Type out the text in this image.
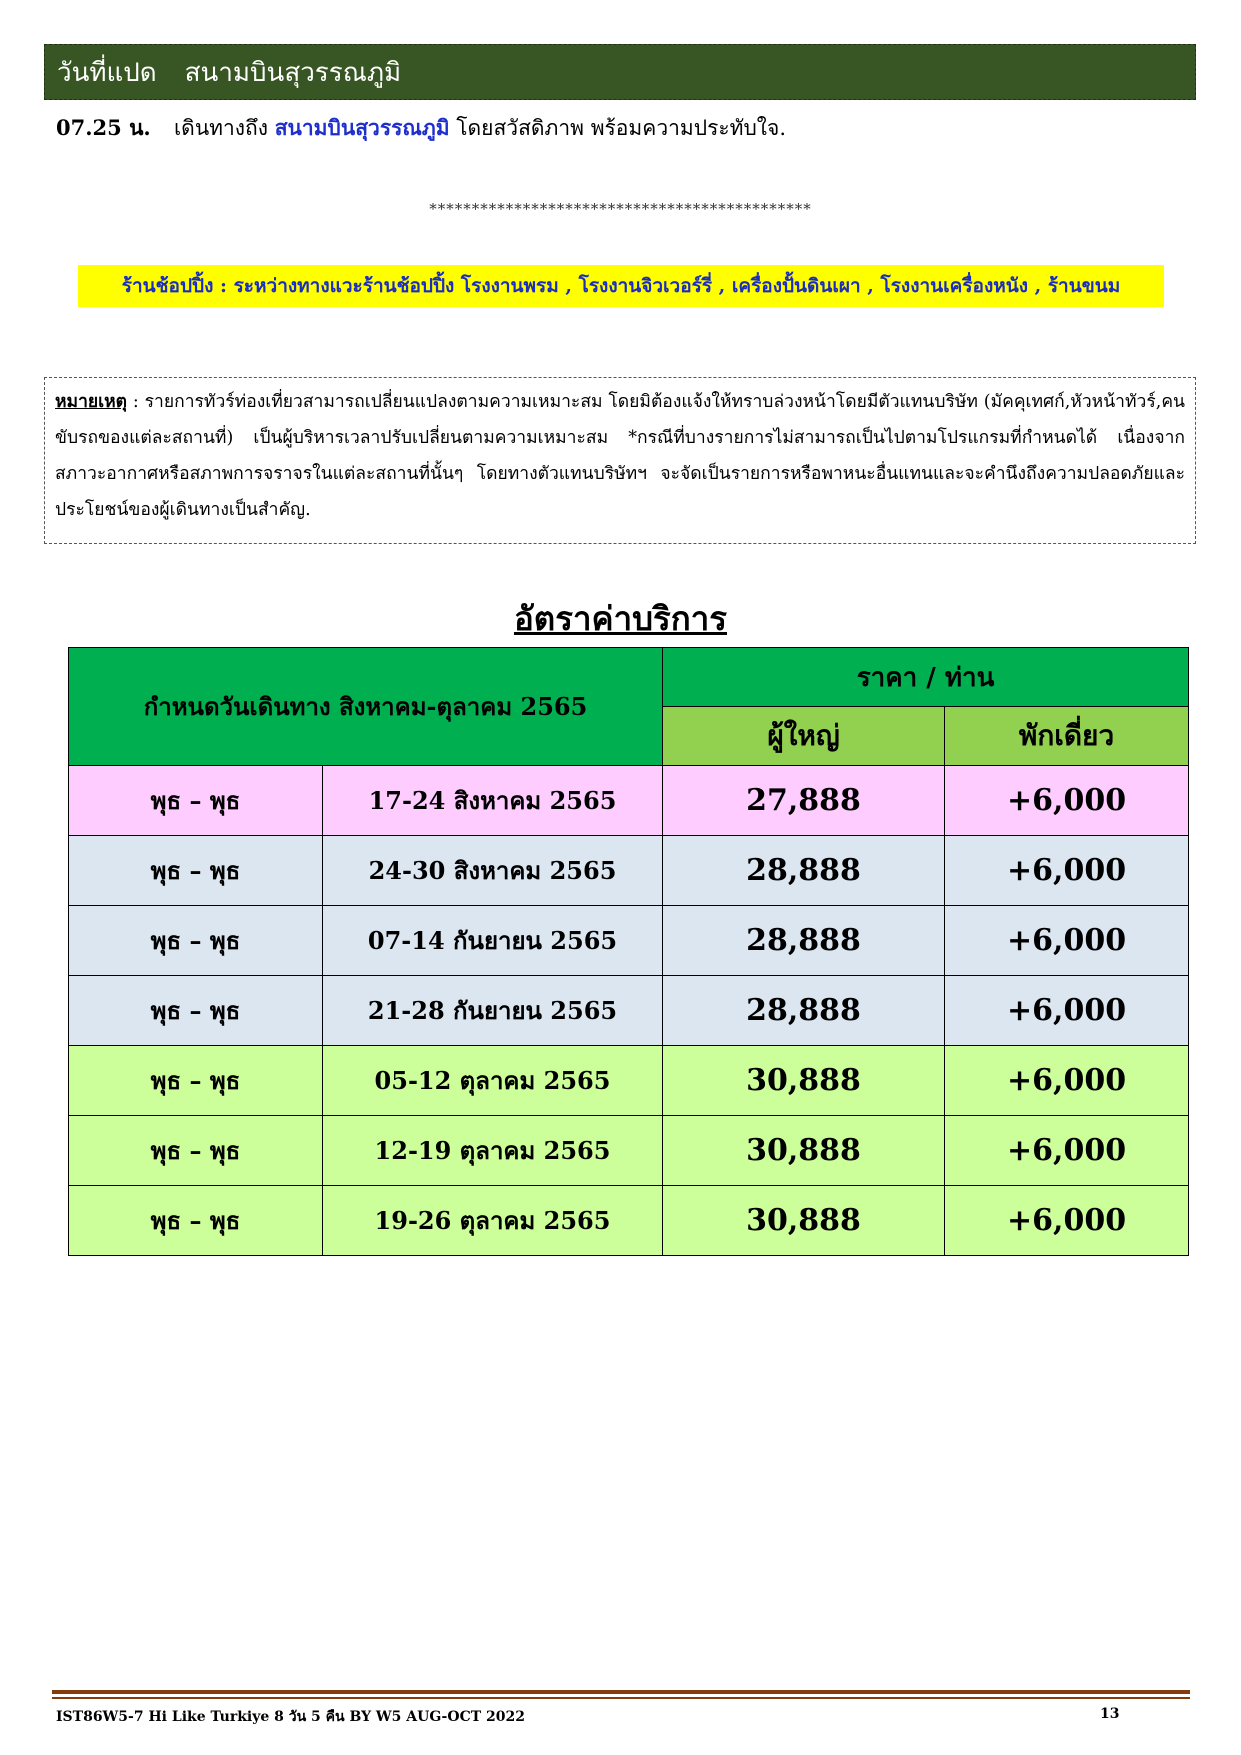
วันที่แปด สนามบินสุวรรณภูมิ
07.25 น.	เดินทางถึง
สนามบินสุวรรณภูมิ
โดยสวัสดิภาพ พร้อมความประทับใจ.
*********************************************
ร้านช้อปปิ้ง : ระหว่างทางแวะร้านช้อปปิ้ง โรงงานพรม , โรงงานจิวเวอร์รี่ , เครื่องปั้นดินเผา , โรงงานเครื่องหนัง , ร้านขนม
หมายเหตุ : รายการทัวร์ท่องเที่ยวสามารถเปลี่ยนแปลงตามความเหมาะสม โดยมิต้องแจ้งให้ทราบล่วงหน้าโดยมีตัวแทนบริษัท (มัคคุเทศก์,หัวหน้าทัวร์,คนขับรถของแต่ละสถานที่) เป็นผู้บริหารเวลาปรับเปลี่ยนตามความเหมาะสม *กรณีที่บางรายการไม่สามารถเป็นไปตามโปรแกรมที่กำหนดได้ เนื่องจากสภาวะอากาศหรือสภาพการจราจรในแต่ละสถานที่นั้นๆ โดยทางตัวแทนบริษัทฯ จะจัดเป็นรายการหรือพาหนะอื่นแทนและจะคำนึงถึงความปลอดภัยและประโยชน์ของผู้เดินทางเป็นสำคัญ.
อัตราค่าบริการ
กำหนดวันเดินทาง สิงหาคม-ตุลาคม 2565		ราคา / ท่าน	
		ผู้ใหญ่	พักเดี่ยว
พุธ – พุธ	17-24 สิงหาคม 2565	27,888	+6,000
พุธ – พุธ	24-30 สิงหาคม 2565	28,888	+6,000
พุธ – พุธ	07-14 กันยายน 2565	28,888	+6,000
พุธ – พุธ	21-28 กันยายน 2565	28,888	+6,000
พุธ – พุธ	05-12 ตุลาคม 2565	30,888	+6,000
พุธ – พุธ	12-19 ตุลาคม 2565	30,888	+6,000
พุธ – พุธ	19-26 ตุลาคม 2565	30,888	+6,000
IST86W5-7 Hi Like Turkiye 8 วัน 5 คืน BY W5 AUG-OCT 2022	13
